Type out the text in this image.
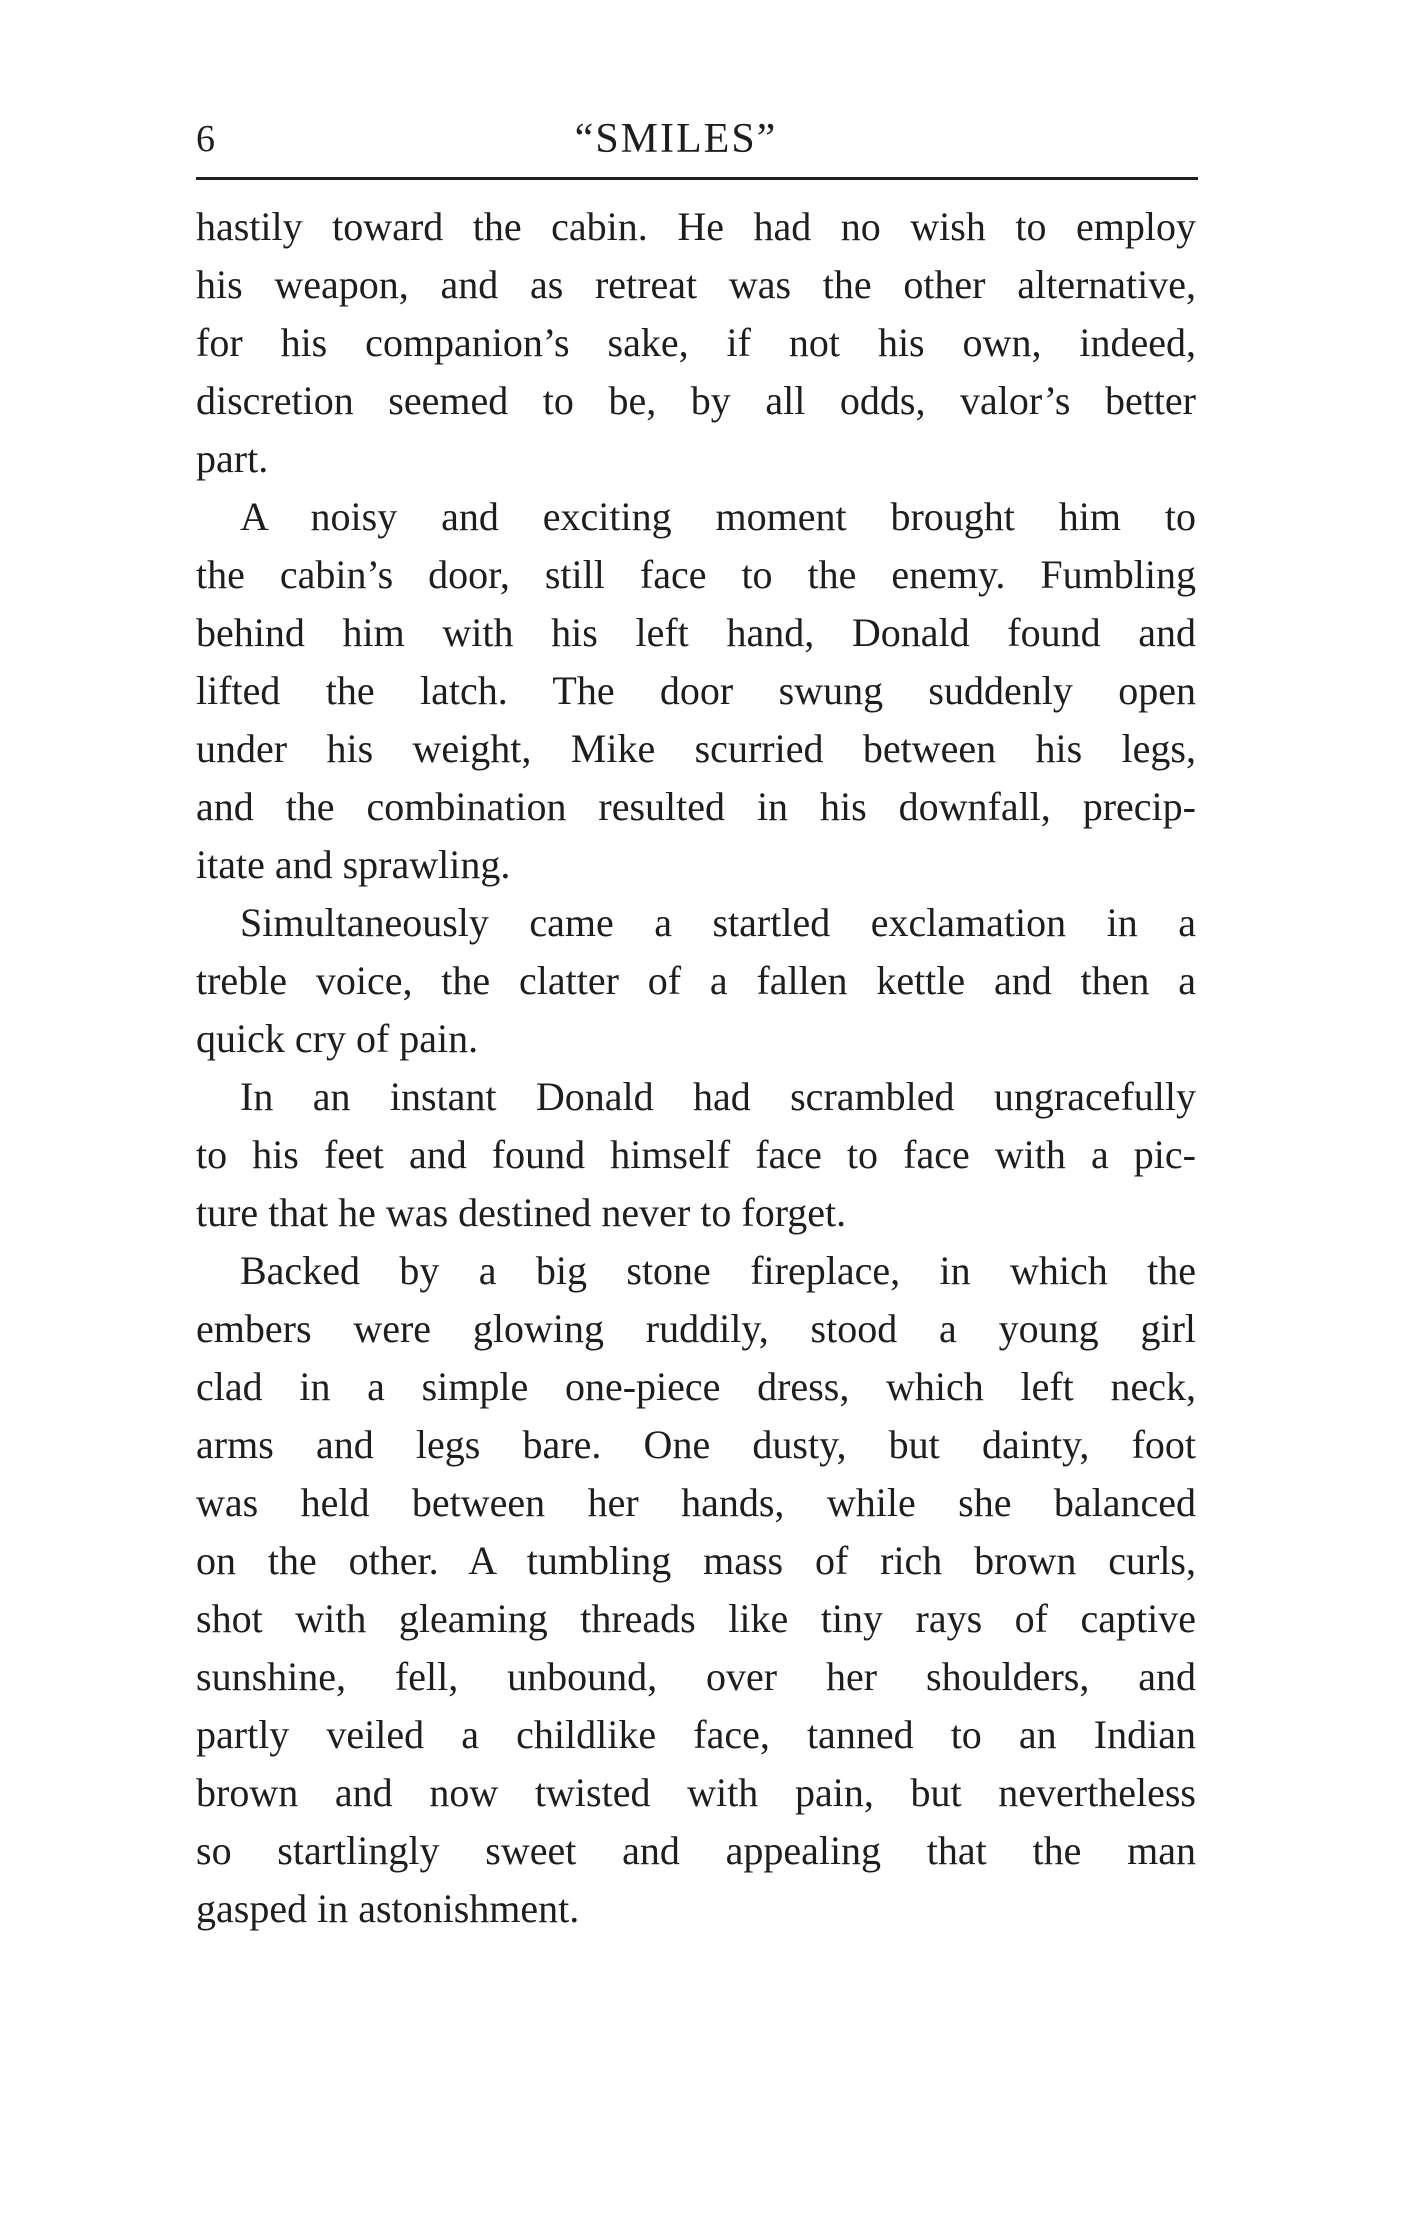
6	“SMILES”
hastily toward the cabin. He had no wish to employ
his weapon, and as retreat was the other alternative,
for his companion’s sake, if not his own, indeed,
discretion seemed to be, by all odds, valor’s better
part.
A noisy and exciting moment brought him to
the cabin’s door, still face to the enemy. Fumbling
behind him with his left hand, Donald found and
lifted the latch. The door swung suddenly open
under his weight, Mike scurried between his legs,
and the combination resulted in his downfall, precip-
itate and sprawling.
Simultaneously came a startled exclamation in a
treble voice, the clatter of a fallen kettle and then a
quick cry of pain.
In an instant Donald had scrambled ungracefully
to his feet and found himself face to face with a pic-
ture that he was destined never to forget.
Backed by a big stone fireplace, in which the
embers were glowing ruddily, stood a young girl
clad in a simple one-piece dress, which left neck,
arms and legs bare. One dusty, but dainty, foot
was held between her hands, while she balanced
on the other. A tumbling mass of rich brown curls,
shot with gleaming threads like tiny rays of captive
sunshine, fell, unbound, over her shoulders, and
partly veiled a childlike face, tanned to an Indian
brown and now twisted with pain, but nevertheless
so startlingly sweet and appealing that the man
gasped in astonishment.
